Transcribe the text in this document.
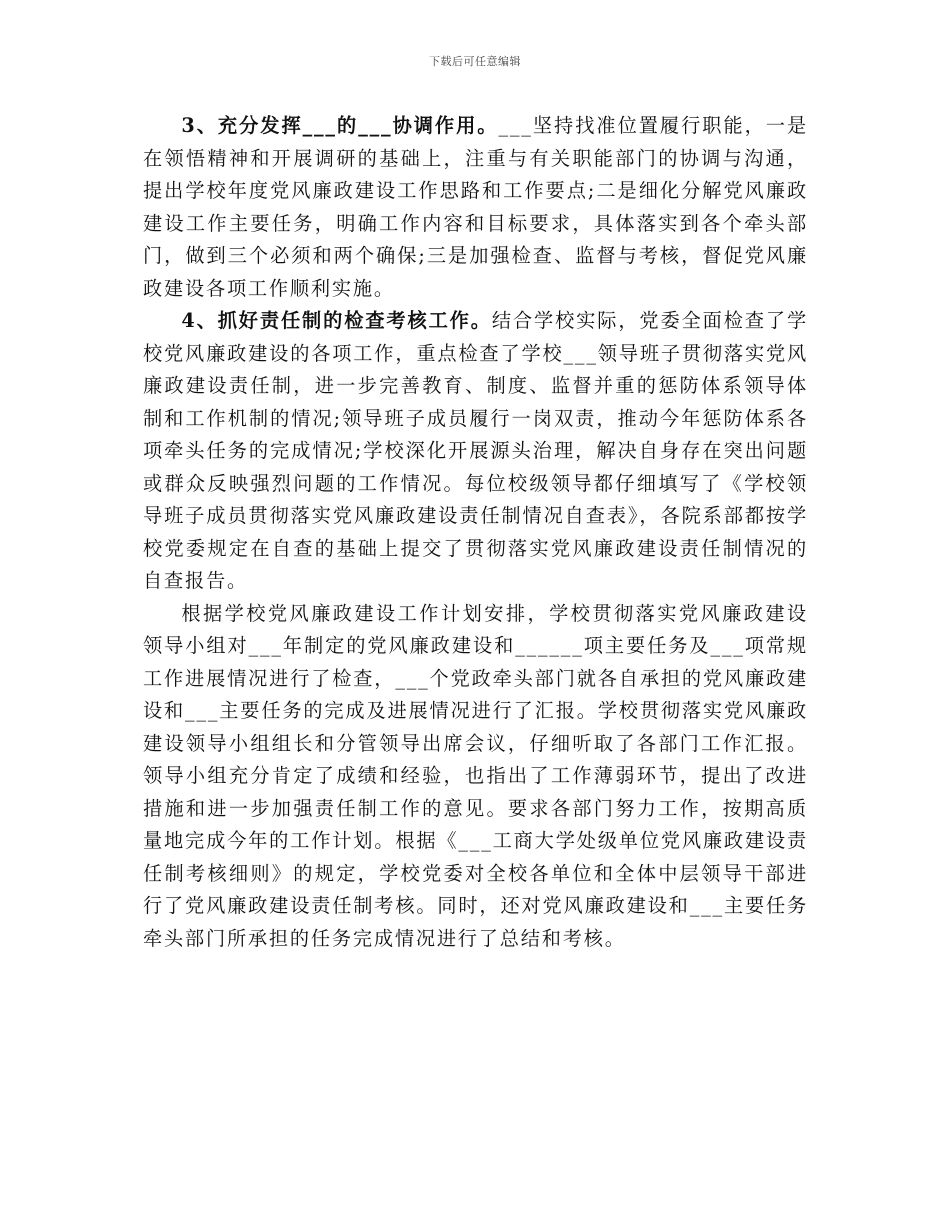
下载后可任意编辑

3、充分发挥___的___协调作用。___坚持找准位置履行职能，一是在领悟精神和开展调研的基础上，注重与有关职能部门的协调与沟通，提出学校年度党风廉政建设工作思路和工作要点;二是细化分解党风廉政建设工作主要任务，明确工作内容和目标要求，具体落实到各个牵头部门，做到三个必须和两个确保;三是加强检查、监督与考核，督促党风廉政建设各项工作顺利实施。

4、抓好责任制的检查考核工作。结合学校实际，党委全面检查了学校党风廉政建设的各项工作，重点检查了学校___领导班子贯彻落实党风廉政建设责任制，进一步完善教育、制度、监督并重的惩防体系领导体制和工作机制的情况;领导班子成员履行一岗双责，推动今年惩防体系各项牵头任务的完成情况;学校深化开展源头治理，解决自身存在突出问题或群众反映强烈问题的工作情况。每位校级领导都仔细填写了《学校领导班子成员贯彻落实党风廉政建设责任制情况自查表》，各院系部都按学校党委规定在自查的基础上提交了贯彻落实党风廉政建设责任制情况的自查报告。

根据学校党风廉政建设工作计划安排，学校贯彻落实党风廉政建设领导小组对___年制定的党风廉政建设和______项主要任务及___项常规工作进展情况进行了检查，___个党政牵头部门就各自承担的党风廉政建设和___主要任务的完成及进展情况进行了汇报。学校贯彻落实党风廉政建设领导小组组长和分管领导出席会议，仔细听取了各部门工作汇报。领导小组充分肯定了成绩和经验，也指出了工作薄弱环节，提出了改进措施和进一步加强责任制工作的意见。要求各部门努力工作，按期高质量地完成今年的工作计划。根据《___工商大学处级单位党风廉政建设责任制考核细则》的规定，学校党委对全校各单位和全体中层领导干部进行了党风廉政建设责任制考核。同时，还对党风廉政建设和___主要任务牵头部门所承担的任务完成情况进行了总结和考核。
